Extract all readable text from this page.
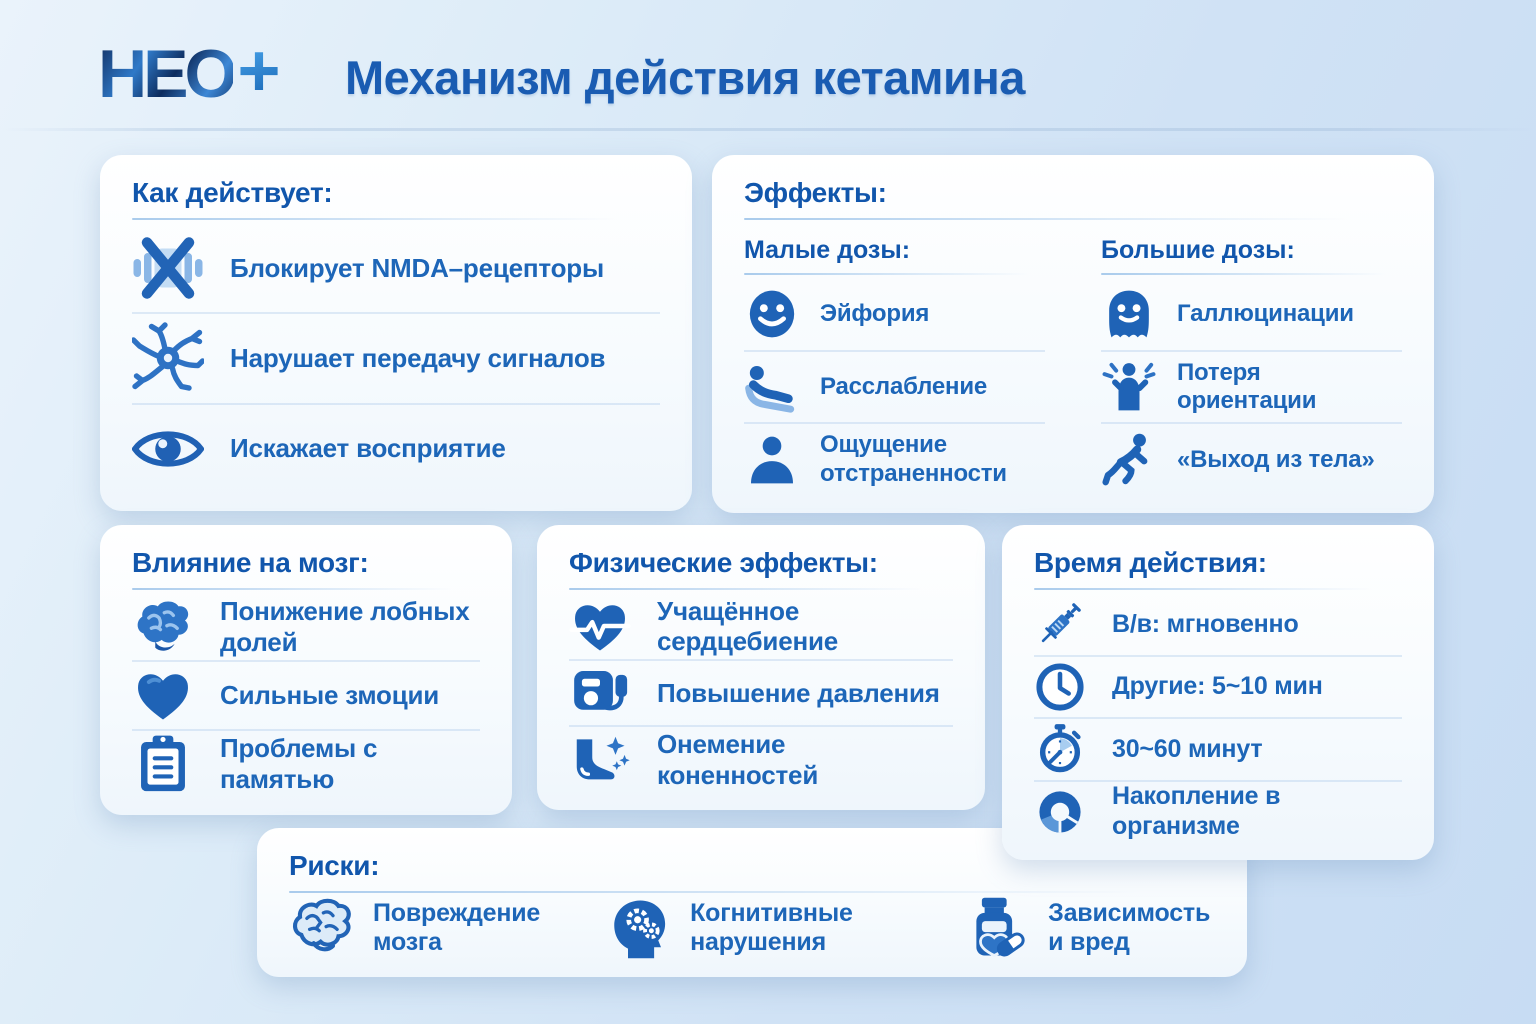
НЕО + Механизм действия кетамина
Как действует:
Блокирует NMDA–рецепторы
Нарушает передачу сигналов
Искажает восприятие
Эффекты:
Малые дозы:
Эйфория
Расслабление
Ощущение отстраненности
Большие дозы:
Галлюцинации
Потеря ориентации
«Выход из тела»
Влияние на мозг:
Понижение лобных долей
Сильные змоции
Проблемы с памятью
Физические эффекты:
Учащённое сердцебиение
Повышение давления
Онемение коненностей
Время действия:
В/в: мгновенно
Другие: 5~10 мин
30~60 минут
Накопление в организме
Риски:
Повреждение мозга
Когнитивные нарушения
Зависимость и вред
